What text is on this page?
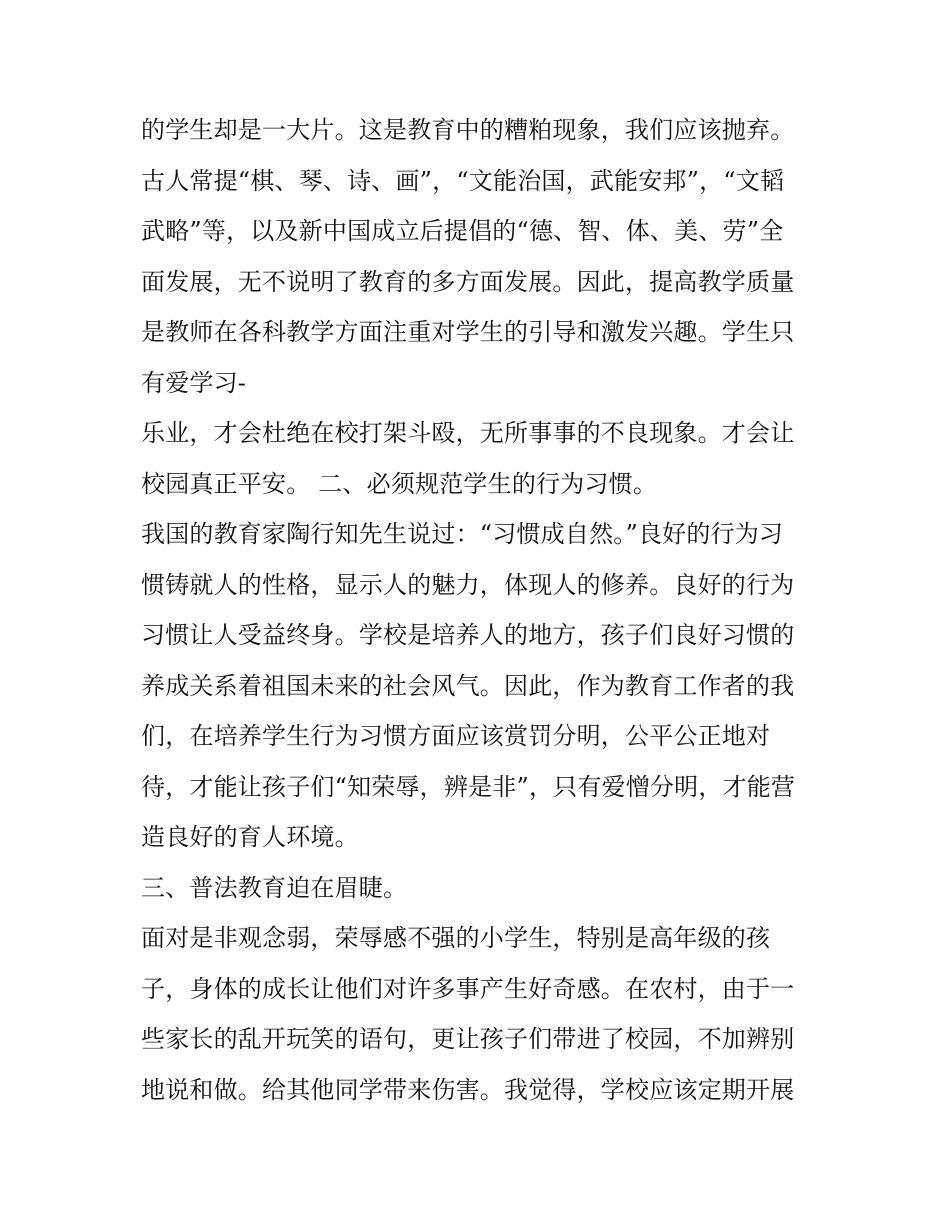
的学生却是一大片。这是教育中的糟粕现象，我们应该抛弃。
古人常提“棋、琴、诗、画”，“文能治国，武能安邦”，“文韬
武略”等，以及新中国成立后提倡的“德、智、体、美、劳”全
面发展，无不说明了教育的多方面发展。因此，提高教学质量
是教师在各科教学方面注重对学生的引导和激发兴趣。学生只
有爱学习-
乐业，才会杜绝在校打架斗殴，无所事事的不良现象。才会让
校园真正平安。 二、必须规范学生的行为习惯。
我国的教育家陶行知先生说过：“习惯成自然。”良好的行为习
惯铸就人的性格，显示人的魅力，体现人的修养。良好的行为
习惯让人受益终身。学校是培养人的地方，孩子们良好习惯的
养成关系着祖国未来的社会风气。因此，作为教育工作者的我
们，在培养学生行为习惯方面应该赏罚分明，公平公正地对
待，才能让孩子们“知荣辱，辨是非”，只有爱憎分明，才能营
造良好的育人环境。
三、普法教育迫在眉睫。
面对是非观念弱，荣辱感不强的小学生，特别是高年级的孩
子，身体的成长让他们对许多事产生好奇感。在农村，由于一
些家长的乱开玩笑的语句，更让孩子们带进了校园，不加辨别
地说和做。给其他同学带来伤害。我觉得，学校应该定期开展
